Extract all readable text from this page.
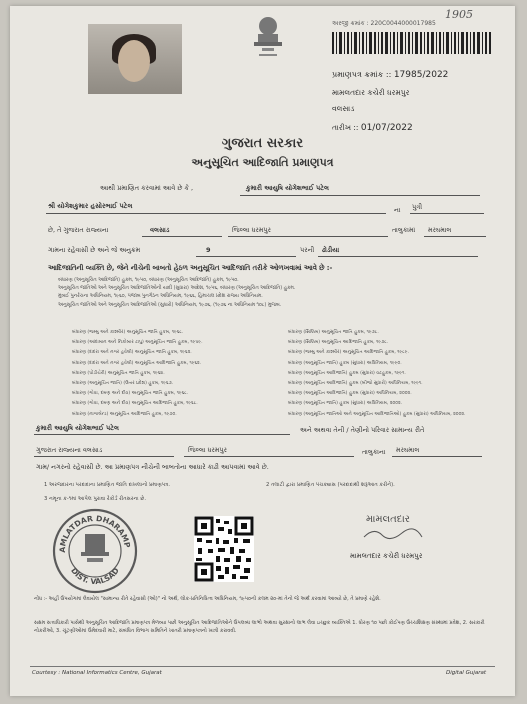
1905
અરજી ક્રમાંક : 220C0044000017985
પ્રમાણપત્ર ક્રમાંક :: 17985/2022
મામલતદાર કચેરી ધરમપુર
વલસાડ
તારીખ :: 01/07/2022
ગુજરાત સરકાર
અનુસૂચિત આદિજાતિ પ્રમાણપત્ર
આથી પ્રમાણિત કરવામાં આવે છે કે ,	કુમારી આયુષિ યોગેશભાઈ પટેલ
શ્રી યોગેશકુમાર હસોરભાઈ પટેલ	ના પુત્રી
છે, તે ગુજરાત રાજ્યના	વલસાડ	જિલ્લા ધરમપુર	તાલુકામાં મરઘમાલ
ગામના રહેવાસી છે અને જે અનુક્રમ	9	પરની ઢોડીયા
આદિજાતિની વ્યક્તિ છે, જેને નીચેની બાબતો હેઠળ અનુસૂચિત આદિજાતિ તરીકે ઓળખવામાં આવે છે :-
બંધારણ (અનુસૂચિત આદિજાતિ) હુકમ, ૧૯૫૦, બંધારણ (અનુસૂચિત આદિજાતિ) હુકમ, ૧૯૫૦.
અનુસૂચિત જાતિઓ અને અનુસૂચિત આદિજાતિઓની યાદી (સુધારા) આદેશ, ૧૯૫૬, બંધારણ (અનુસૂચિત આદિજાતિ) હુકમ.
મુંબઈ પુનર્રચના અધિનિયમ, ૧૯૬૦, પંજાબ પુનર્ગઠન અધિનિયમ, ૧૯૬૬, હિમાચલ પ્રદેશ રાજ્ય અધિનિયમ.
અનુસૂચિત જાતિઓ અને અનુસૂચિત આદિજાતિઓ (સુધારો) અધિનિયમ, ૧૯૭૬, (૧૯૭૬ ના અધિનિયમ ૧૦૮) મુજબ.
બંધારણ (જમ્મુ અને કાશ્મીર) અનુસૂચિત જાતિ હુકમ, ૧૯૬૮.
બંધારણ (આંદામાન અને નિકોબાર ટાપુ) અનુસૂચિત જાતિ હુકમ, ૧૯૫૯.
બંધારણ (દાદરા અને નગર હવેલી) અનુસૂચિત જાતિ હુકમ, ૧૯૬૨.
બંધારણ (દાદરા અને નગર હવેલી) અનુસૂચિત આદિજાતિ હુકમ, ૧૯૬૨.
બંધારણ (પોંડીચેરી) અનુસૂચિત જાતિ હુકમ, ૧૯૬૪.
બંધારણ (અનુસૂચિત જાતિ) (ઉત્તર પ્રદેશ) હુકમ, ૧૯૬૭.
બંધારણ (ગોવા, દમણ અને દીવ) અનુસૂચિત જાતિ હુકમ, ૧૯૬૮.
બંધારણ (ગોવા, દમણ અને દીવ) અનુસૂચિત આદિજાતિ હુકમ, ૧૯૬૮.
બંધારણ (નાગાલેન્ડ) અનુસૂચિત આદિજાતિ હુકમ, ૧૯૭૦.
બંધારણ (સિક્કિમ) અનુસૂચિત જાતિ હુકમ, ૧૯૭૮.
બંધારણ (સિક્કિમ) અનુસૂચિત આદિજાતિ હુકમ, ૧૯૭૮.
બંધારણ (જમ્મુ અને કાશ્મીર) અનુસૂચિત આદિજાતિ હુકમ, ૧૯૮૯.
બંધારણ (અનુસૂચિત જાતિ) હુકમ (સુધારા) અધિનિયમ, ૧૯૯૦.
બંધારણ (અનુસૂચિત આદિજાતિ) હુકમ (સુધારા) વટહુકમ, ૧૯૯૧.
બંધારણ (અનુસૂચિત આદિજાતિ) હુકમ (બીજો સુધારો) અધિનિયમ, ૧૯૯૧.
બંધારણ (અનુસૂચિત આદિજાતિ) હુકમ (સુધારા) અધિનિયમ, ૨૦૦૨.
બંધારણ (અનુસૂચિત જાતિ) હુકમ (સુધારા) અધિનિયમ, ૨૦૦૨.
બંધારણ (અનુસૂચિત જાતિઓ અને અનુસૂચિત આદિજાતિઓ) હુકમ (સુધારા) અધિનિયમ, ૨૦૦૨.
કુમારી આયુષિ યોગેશભાઈ પટેલ	અને અથવા તેની / તેણીનો પરિવાર સામાન્ય રીતે
ગુજરાત રાજ્યના વલસાડ	જિલ્લા ધરમપુર	તાલુકાના મરઘમાલ
ગામ/ નગરનો રહેવાસી છે. આ પ્રમાણપત્ર નીચેની બાબતોના આધારે કાઢી આપવામાં આવે છે.
1 અરજદારના પરદાદાના પ્રમાણિત જાતિ દાખલાનો પ્રમાણપત્ર.	2 તલાટી દ્વારા પ્રમાણિત પંચક્યાસ (પરદાદાથી શરૂઆત કરીને).
3 નમૂના ક-૧માં આપેલ પુરાવા રેકોર્ડ રીતસરના છે.
AMLATDAR DHARAMP
DIST. VALSAD
મામલતદાર
મામલતદાર કચેરી ધરમપુર
નોંધ :- અહીં ઉપયોગમાં લેવાયેલ "સામાન્ય રીતે રહેવાસી (ઓ)" નો અર્થ, લોક-પ્રતિનિધિત્વ અધિનિયમ, ૧૯૫૦ની કલમ ૨૦-માં તેનો જે અર્થ કરવામાં આવ્યો છે, તે પ્રમાણે રહેશે.
સક્ષમ સત્તાધિકારી પાસેથી અનુસૂચિત આદિજાતિ પ્રમાણપત્ર મેળવ્યા પછી અનુસૂચિત આદિજાતિઓને ઉપલબ્ધ લાભો અથવા સુરક્ષાનો લાભ લેવા ઇચ્છુક વ્યક્તિએ 1. ધોરણ ૧૦ પછી કોઈપણ ઉચ્ચશિક્ષણ સંસ્થામાં પ્રવેશ, 2. સરકારી નોકરીઓ, 3. ચૂંટણીઓમાં ઉમેદવારી માટે, સંબંધિત વિભાગ સમિતિને ખાતરી પ્રમાણપત્રનો ખાત્રી કરાવવી.
Courtesy : National Informatics Centre, Gujarat	Digital Gujarat
